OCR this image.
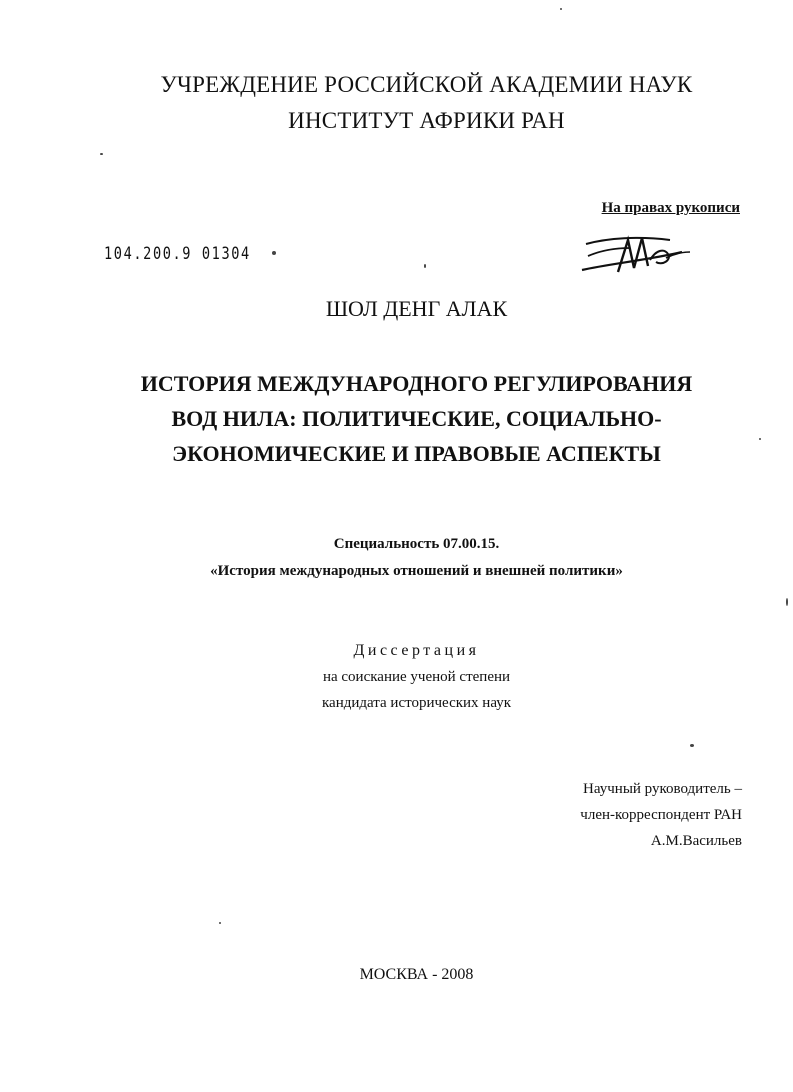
УЧРЕЖДЕНИЕ РОССИЙСКОЙ АКАДЕМИИ НАУК
ИНСТИТУТ АФРИКИ РАН
На правах рукописи
104.200.9 01304
ШОЛ ДЕНГ АЛАК
ИСТОРИЯ МЕЖДУНАРОДНОГО РЕГУЛИРОВАНИЯ
ВОД НИЛА: ПОЛИТИЧЕСКИЕ, СОЦИАЛЬНО-
ЭКОНОМИЧЕСКИЕ И ПРАВОВЫЕ АСПЕКТЫ
Специальность 07.00.15.
«История международных отношений и внешней политики»
Диссертация
на соискание ученой степени
кандидата исторических наук
Научный руководитель –
член-корреспондент РАН
А.М.Васильев
МОСКВА - 2008
